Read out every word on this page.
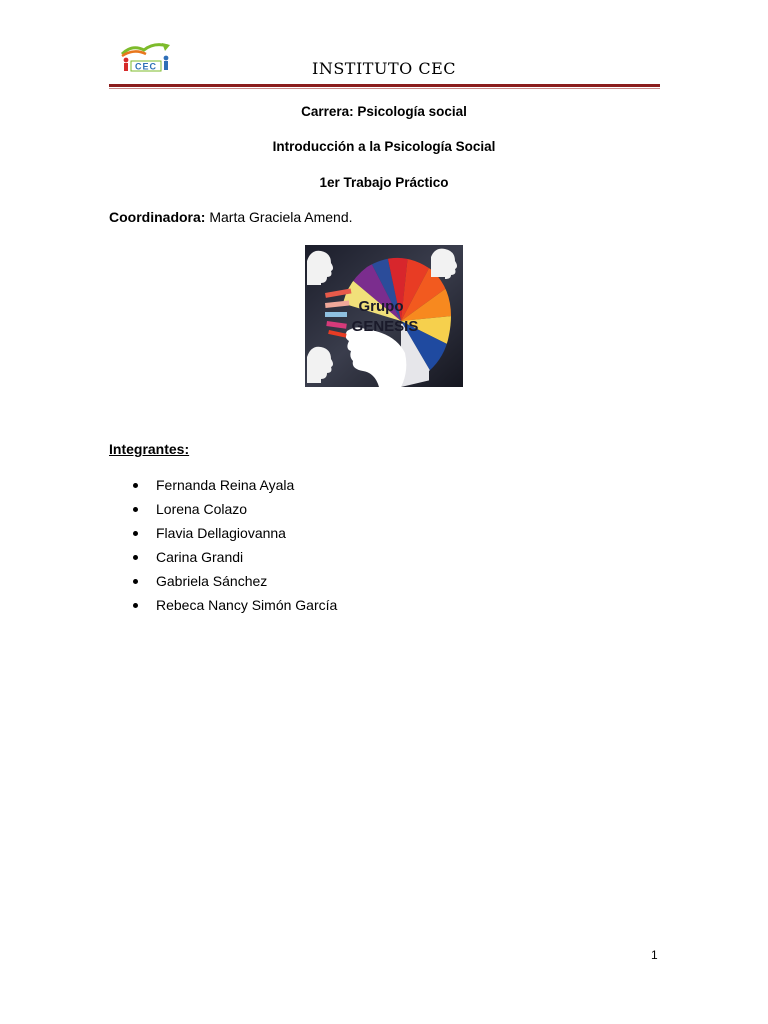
CEC	INSTITUTO CEC
Carrera: Psicología social
Introducción a la Psicología Social
1er Trabajo Práctico
Coordinadora: Marta Graciela Amend.
Grupo
GENESIS
Integrantes:
Fernanda Reina Ayala
Lorena Colazo
Flavia Dellagiovanna
Carina Grandi
Gabriela Sánchez
Rebeca Nancy Simón García
1
